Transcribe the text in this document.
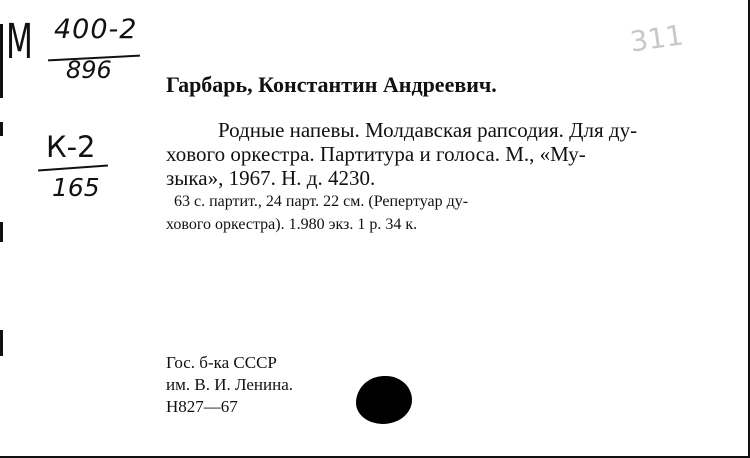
М 400-2
896
К-2
165
311
Гарбарь, Константин Андреевич.

Родные напевы. Молдавская рапсодия. Для ду-

хового оркестра. Партитура и голоса. М., «Му-

зыка», 1967. Н. д. 4230.

63 с. партит., 24 парт. 22 см. (Репертуар ду-
хового оркестра). 1.980 экз. 1 р. 34 к.
Гос. б-ка СССР
им. В. И. Ленина.
Н827—67
